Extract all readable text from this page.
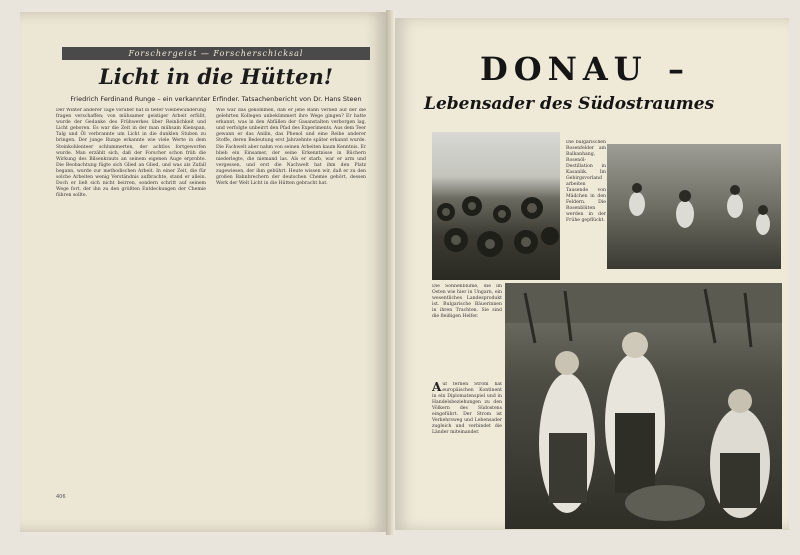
Forschergeist — Forscherschicksal
Licht in die Hütten!
Friedrich Ferdinand Runge – ein verkannter Erfinder. Tatsachenbericht von Dr. Hans Steen
Der Winter anderer Tage vorüber hat in tiefer Vielbewunderung fragen verschaffen; von mühsamer geistiger Arbeit erfüllt, wurde der Gedanke des Frühwerkes über Reinlichkeit und Licht geboren. Es war die Zeit in der man mühsam Kienspan, Talg und Öl verbrannte um Licht in die dunklen Stuben zu bringen. Der junge Runge erkannte wie viele Werte in dem Steinkohlenteer schlummerten, der achtlos fortgeworfen wurde. Man erzählt sich, daß der Forscher schon früh die Wirkung des Bilsenkrauts an seinem eigenen Auge erprobte. Die Beobachtung fügte sich Glied an Glied, und was als Zufall begann, wurde zur methodischen Arbeit. In einer Zeit, die für solche Arbeiten wenig Verständnis aufbrachte, stand er allein. Doch er ließ sich nicht beirren, sondern schritt auf seinem Wege fort, der ihn zu den größten Entdeckungen der Chemie führen sollte.
Wie war das gekommen, daß er jene Bahn verließ auf der die gelehrten Kollegen unbekümmert ihre Wege gingen? Er hatte erkannt, was in den Abfällen der Gasanstalten verborgen lag, und verfolgte unbeirrt den Pfad des Experiments. Aus dem Teer gewann er das Anilin, das Phenol und eine Reihe anderer Stoffe, deren Bedeutung erst Jahrzehnte später erkannt wurde. Die Fachwelt aber nahm von seinen Arbeiten kaum Kenntnis. Er blieb ein Einsamer, der seine Erkenntnisse in Büchern niederlegte, die niemand las. Als er starb, war er arm und vergessen, und erst die Nachwelt hat ihm den Platz zugewiesen, der ihm gebührt. Heute wissen wir, daß er zu den großen Bahnbrechern der deutschen Chemie gehört, dessen Werk der Welt Licht in die Hütten gebracht hat.
406
DONAU –
Lebensader des Südostraumes
Die bulgarischen Rosenfelder am Balkanhang, Rosenöl-Destillation in Kasanlik. Im Gebirgsvorland arbeiten Tausende von Mädchen in den Feldern. Die Rosenblüten werden in der Frühe gepflückt.
Die Sonnenblume, die im Osten wie hier in Ungarn, ein wesentliches Landesprodukt ist. Bulgarische Bäuerinnen in ihren Trachten. Sie sind die fleißigen Helfer.
Auf fernen Strom hat europäischen Kontinent in ein Diplomatenspiel und in Handelsbeziehungen zu den Völkern des Südostens eingeführt. Der Strom ist Verkehrsweg und Lebensader zugleich und verbindet die Länder miteinander.
